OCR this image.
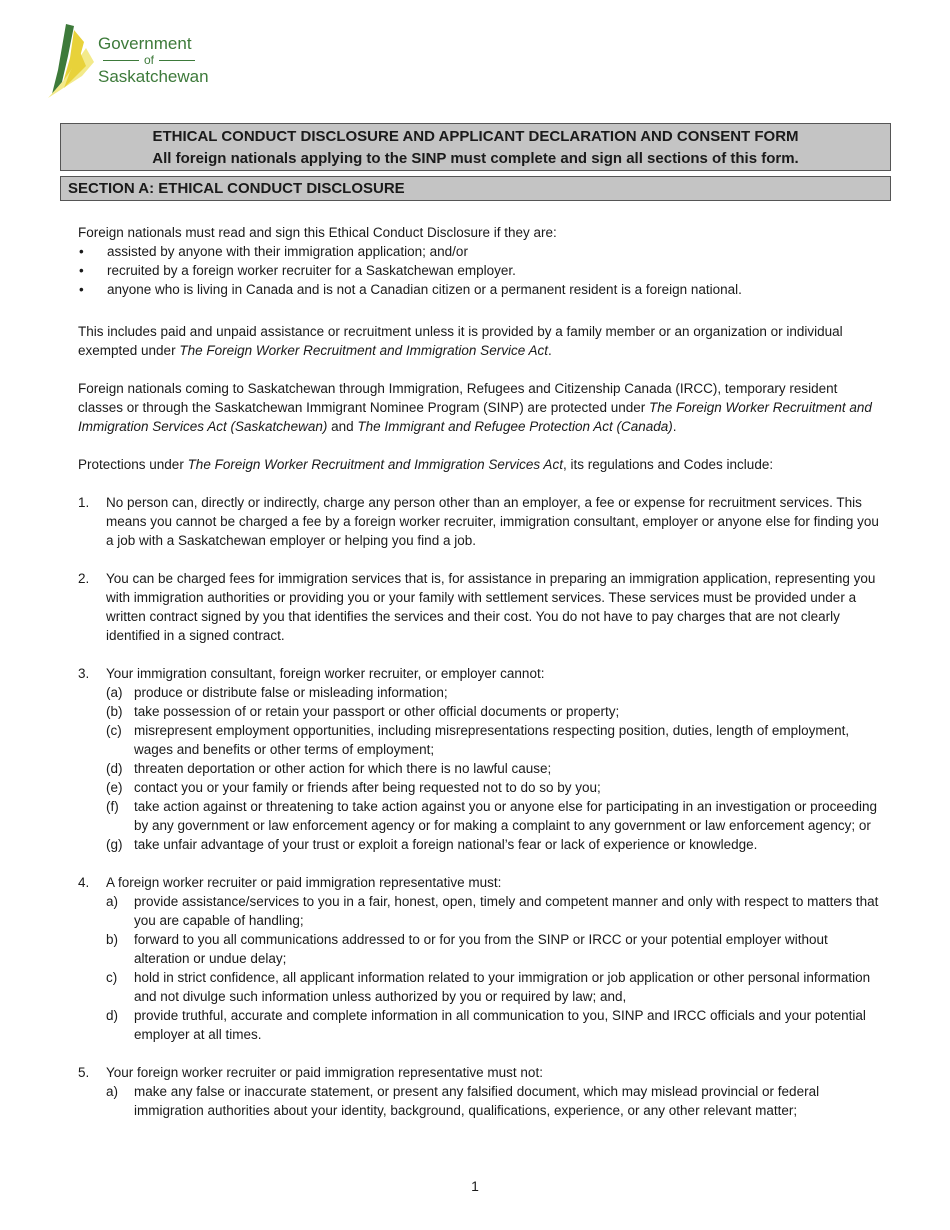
Government
of
Saskatchewan
ETHICAL CONDUCT DISCLOSURE AND APPLICANT DECLARATION AND CONSENT FORM
All foreign nationals applying to the SINP must complete and sign all sections of this form.
SECTION A: ETHICAL CONDUCT DISCLOSURE

Foreign nationals must read and sign this Ethical Conduct Disclosure if they are:

•	assisted by anyone with their immigration application; and/or
•	recruited by a foreign worker recruiter for a Saskatchewan employer.
•	anyone who is living in Canada and is not a Canadian citizen or a permanent resident is a foreign national.

This includes paid and unpaid assistance or recruitment unless it is provided by a family member or an organization or individual exempted under The Foreign Worker Recruitment and Immigration Service Act.

Foreign nationals coming to Saskatchewan through Immigration, Refugees and Citizenship Canada (IRCC), temporary resident classes or through the Saskatchewan Immigrant Nominee Program (SINP) are protected under The Foreign Worker Recruitment and Immigration Services Act (Saskatchewan) and The Immigrant and Refugee Protection Act (Canada).

Protections under The Foreign Worker Recruitment and Immigration Services Act, its regulations and Codes include:

1.	No person can, directly or indirectly, charge any person other than an employer, a fee or expense for recruitment services. This means you cannot be charged a fee by a foreign worker recruiter, immigration consultant, employer or anyone else for finding you a job with a Saskatchewan employer or helping you find a job.
2.	You can be charged fees for immigration services that is, for assistance in preparing an immigration application, representing you with immigration authorities or providing you or your family with settlement services. These services must be provided under a written contract signed by you that identifies the services and their cost. You do not have to pay charges that are not clearly identified in a signed contract.
3.	Your immigration consultant, foreign worker recruiter, or employer cannot:
(a) produce or distribute false or misleading information;
(b) take possession of or retain your passport or other official documents or property;
(c) misrepresent employment opportunities, including misrepresentations respecting position, duties, length of employment, wages and benefits or other terms of employment;
(d) threaten deportation or other action for which there is no lawful cause;
(e) contact you or your family or friends after being requested not to do so by you;
(f)	take action against or threatening to take action against you or anyone else for participating in an investigation or proceeding by any government or law enforcement agency or for making a complaint to any government or law enforcement agency; or
(g) take unfair advantage of your trust or exploit a foreign national’s fear or lack of experience or knowledge.
4.	A foreign worker recruiter or paid immigration representative must:
a)	provide assistance/services to you in a fair, honest, open, timely and competent manner and only with respect to matters that you are capable of handling;
b)	forward to you all communications addressed to or for you from the SINP or IRCC or your potential employer without alteration or undue delay;
c)	hold in strict confidence, all applicant information related to your immigration or job application or other personal information and not divulge such information unless authorized by you or required by law; and,
d)	provide truthful, accurate and complete information in all communication to you, SINP and IRCC officials and your potential employer at all times.
5.	Your foreign worker recruiter or paid immigration representative must not:
a)	make any false or inaccurate statement, or present any falsified document, which may mislead provincial or federal immigration authorities about your identity, background, qualifications, experience, or any other relevant matter;
1
